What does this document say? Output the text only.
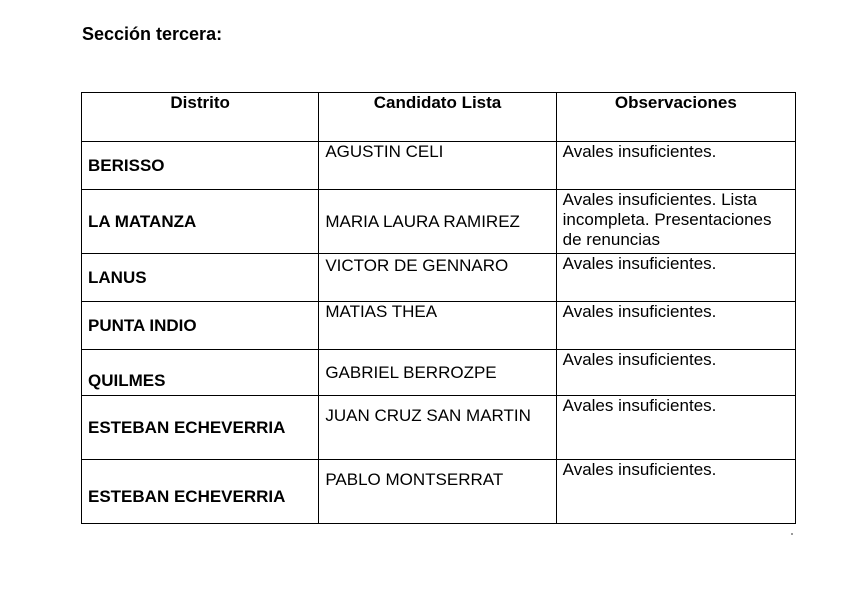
Sección tercera:
Distrito	Candidato Lista	Observaciones
BERISSO	AGUSTIN CELI	Avales insuficientes.
LA MATANZA	MARIA LAURA RAMIREZ	Avales insuficientes. Lista incompleta. Presentaciones de renuncias
LANUS	VICTOR DE GENNARO	Avales insuficientes.
PUNTA INDIO	MATIAS THEA	Avales insuficientes.
QUILMES	GABRIEL BERROZPE	Avales insuficientes.
ESTEBAN ECHEVERRIA	JUAN CRUZ SAN MARTIN	Avales insuficientes.
ESTEBAN ECHEVERRIA	PABLO MONTSERRAT	Avales insuficientes.
